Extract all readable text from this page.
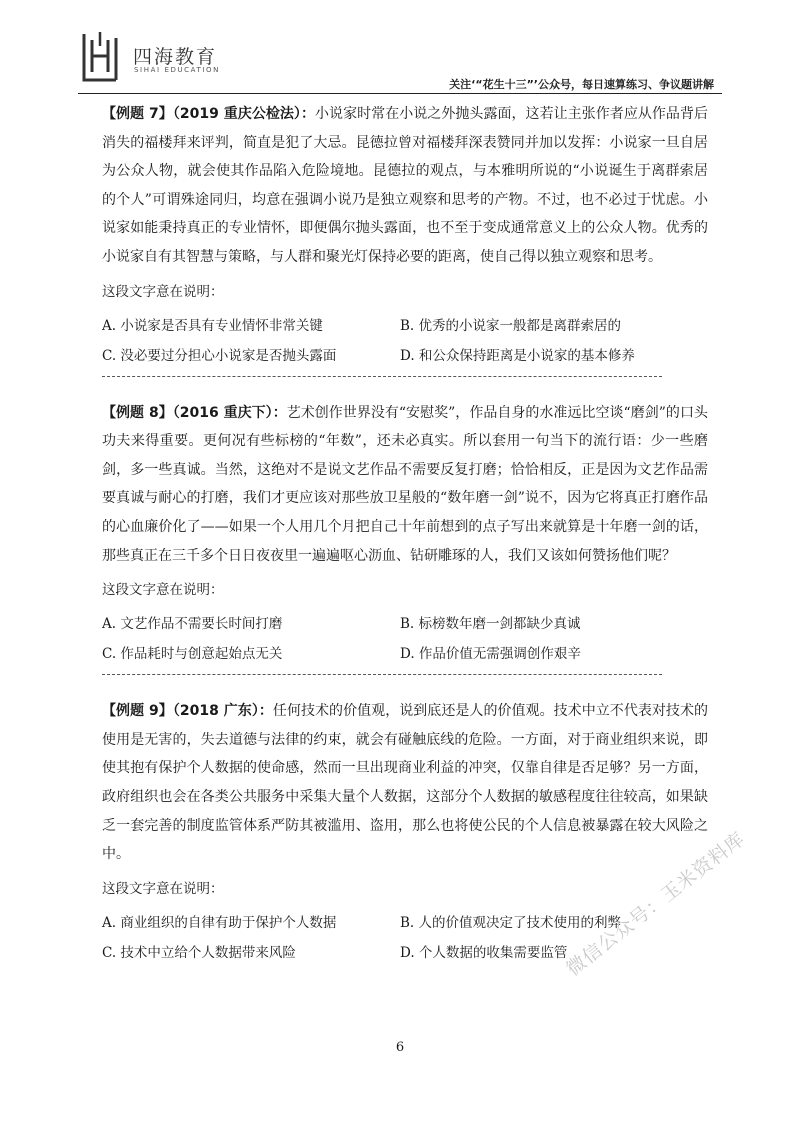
四海教育
SIHAI EDUCATION
关注‘“花生十三”’公众号，每日速算练习、争议题讲解

【例题 7】（2019 重庆公检法）：小说家时常在小说之外抛头露面，这若让主张作者应从作品背后消失的福楼拜来评判，简直是犯了大忌。昆德拉曾对福楼拜深表赞同并加以发挥：小说家一旦自居为公众人物，就会使其作品陷入危险境地。昆德拉的观点，与本雅明所说的“小说诞生于离群索居的个人”可谓殊途同归，均意在强调小说乃是独立观察和思考的产物。不过，也不必过于忧虑。小说家如能秉持真正的专业情怀，即便偶尔抛头露面，也不至于变成通常意义上的公众人物。优秀的小说家自有其智慧与策略，与人群和聚光灯保持必要的距离，使自己得以独立观察和思考。

这段文字意在说明：
A. 小说家是否具有专业情怀非常关键	B. 优秀的小说家一般都是离群索居的
C. 没必要过分担心小说家是否抛头露面	D. 和公众保持距离是小说家的基本修养

【例题 8】（2016 重庆下）：艺术创作世界没有“安慰奖”，作品自身的水准远比空谈“磨剑”的口头功夫来得重要。更何况有些标榜的“年数”，还未必真实。所以套用一句当下的流行语：少一些磨剑，多一些真诚。当然，这绝对不是说文艺作品不需要反复打磨；恰恰相反，正是因为文艺作品需要真诚与耐心的打磨，我们才更应该对那些放卫星般的“数年磨一剑”说不，因为它将真正打磨作品的心血廉价化了——如果一个人用几个月把自己十年前想到的点子写出来就算是十年磨一剑的话，那些真正在三千多个日日夜夜里一遍遍呕心沥血、钻研雕琢的人，我们又该如何赞扬他们呢？

这段文字意在说明：
A. 文艺作品不需要长时间打磨	B. 标榜数年磨一剑都缺少真诚
C. 作品耗时与创意起始点无关	D. 作品价值无需强调创作艰辛

【例题 9】（2018 广东）：任何技术的价值观，说到底还是人的价值观。技术中立不代表对技术的使用是无害的，失去道德与法律的约束，就会有碰触底线的危险。一方面，对于商业组织来说，即使其抱有保护个人数据的使命感，然而一旦出现商业利益的冲突，仅靠自律是否足够？另一方面，政府组织也会在各类公共服务中采集大量个人数据，这部分个人数据的敏感程度往往较高，如果缺乏一套完善的制度监管体系严防其被滥用、盗用，那么也将使公民的个人信息被暴露在较大风险之中。

这段文字意在说明：
A. 商业组织的自律有助于保护个人数据	B. 人的价值观决定了技术使用的利弊
C. 技术中立给个人数据带来风险	D. 个人数据的收集需要监管
6
微信公众号：玉米资料库
